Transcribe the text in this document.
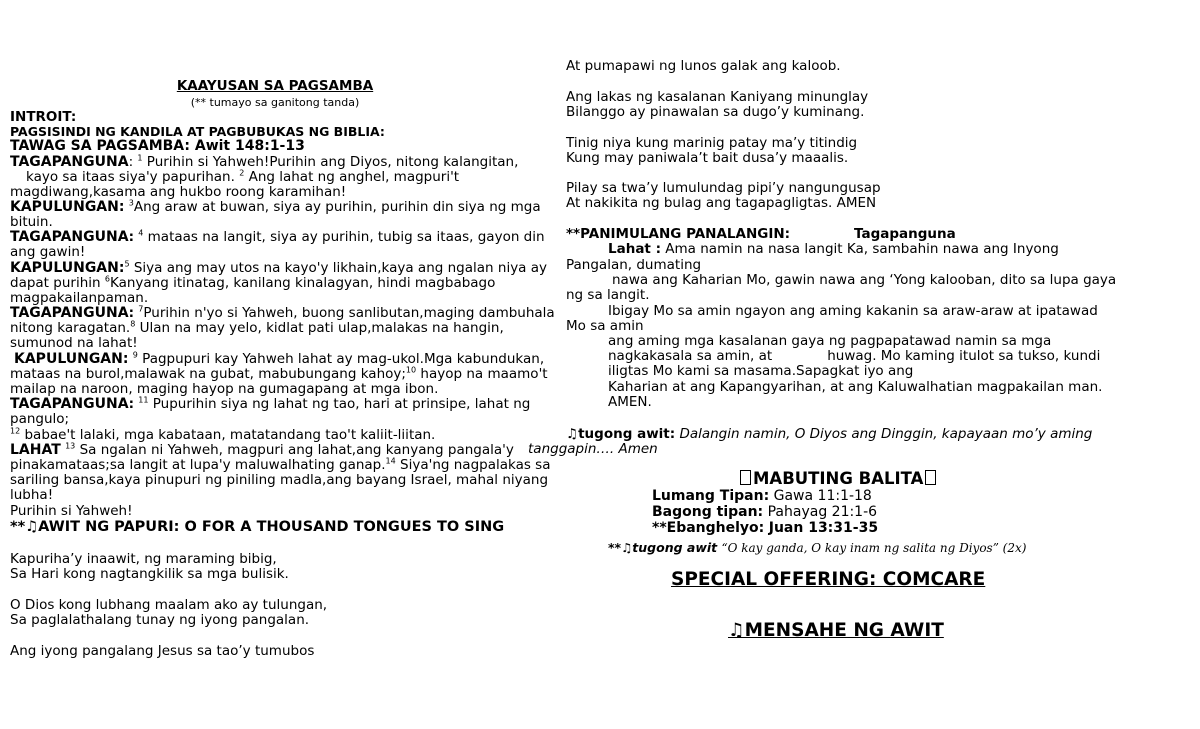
KAAYUSAN SA PAGSAMBA
(** tumayo sa ganitong tanda)
INTROIT:
PAGSISINDI NG KANDILA AT PAGBUBUKAS NG BIBLIA:
TAWAG SA PAGSAMBA: Awit 148:1-13
TAGAPANGUNA: $^1$ Purihin si Yahweh!Purihin ang Diyos, nitong kalangitan,
kayo sa itaas siya'y papurihan. $^2$ Ang lahat ng anghel, magpuri't
magdiwang,kasama ang hukbo roong karamihan!
KAPULUNGAN: $^3$Ang araw at buwan, siya ay purihin, purihin din siya ng mga
bituin.
TAGAPANGUNA: $^4$ mataas na langit, siya ay purihin, tubig sa itaas, gayon din
ang gawin!
KAPULUNGAN:$^5$ Siya ang may utos na kayo'y likhain,kaya ang ngalan niya ay
dapat purihin $^6$Kanyang itinatag, kanilang kinalagyan, hindi magbabago
magpakailanpaman.
TAGAPANGUNA: $^7$Purihin n'yo si Yahweh, buong sanlibutan,maging dambuhala
nitong karagatan.$^8$ Ulan na may yelo, kidlat pati ulap,malakas na hangin,
sumunod na lahat!
KAPULUNGAN: $^9$ Pagpupuri kay Yahweh lahat ay mag-ukol.Mga kabundukan,
mataas na burol,malawak na gubat, mabubungang kahoy;$^{10}$ hayop na maamo't
mailap na naroon, maging hayop na gumagapang at mga ibon.
TAGAPANGUNA: $^{11}$ Pupurihin siya ng lahat ng tao, hari at prinsipe, lahat ng
pangulo;
$^{12}$ babae't lalaki, mga kabataan, matatandang tao't kaliit-liitan.
LAHAT $^{13}$ Sa ngalan ni Yahweh, magpuri ang lahat,ang kanyang pangala'y
pinakamataas;sa langit at lupa'y maluwalhating ganap.$^{14}$ Siya'ng nagpalakas sa
sariling bansa,kaya pinupuri ng piniling madla,ang bayang Israel, mahal niyang
lubha!
Purihin si Yahweh!
**♫AWIT NG PAPURI: O FOR A THOUSAND TONGUES TO SING
Kapuriha’y inaawit, ng maraming bibig,
Sa Hari kong nagtangkilik sa mga bulisik.
O Dios kong lubhang maalam ako ay tulungan,
Sa paglalathalang tunay ng iyong pangalan.
Ang iyong pangalang Jesus sa tao’y tumubos
At pumapawi ng lunos galak ang kaloob.
Ang lakas ng kasalanan Kaniyang minunglay
Bilanggo ay pinawalan sa dugo’y kuminang.
Tinig niya kung marinig patay ma’y titindig
Kung may paniwala’t bait dusa’y maaalis.
Pilay sa twa’y lumulundag pipi’y nangungusap
At nakikita ng bulag ang tagapagligtas. AMEN
**PANIMULANG PANALANGIN:	Tagapanguna
Lahat : Ama namin na nasa langit Ka, sambahin nawa ang Inyong
Pangalan, dumating
nawa ang Kaharian Mo, gawin nawa ang ‘Yong kalooban, dito sa lupa gaya
ng sa langit.
Ibigay Mo sa amin ngayon ang aming kakanin sa araw-araw at ipatawad
Mo sa amin
ang aming mga kasalanan gaya ng pagpapatawad namin sa mga
nagkakasala sa amin, at	huwag. Mo kaming itulot sa tukso, kundi
iligtas Mo kami sa masama.Sapagkat iyo ang
Kaharian at ang Kapangyarihan, at ang Kaluwalhatian magpakailan man.
AMEN.
♫tugong awit: Dalangin namin, O Diyos ang Dinggin, kapayaan mo’y aming
tanggapin…. Amen
MABUTING BALITA
Lumang Tipan: Gawa 11:1-18
Bagong tipan: Pahayag 21:1-6
**Ebanghelyo: Juan 13:31-35
**♫tugong awit “O kay ganda, O kay inam ng salita ng Diyos” (2x)
SPECIAL OFFERING: COMCARE
♫MENSAHE NG AWIT
